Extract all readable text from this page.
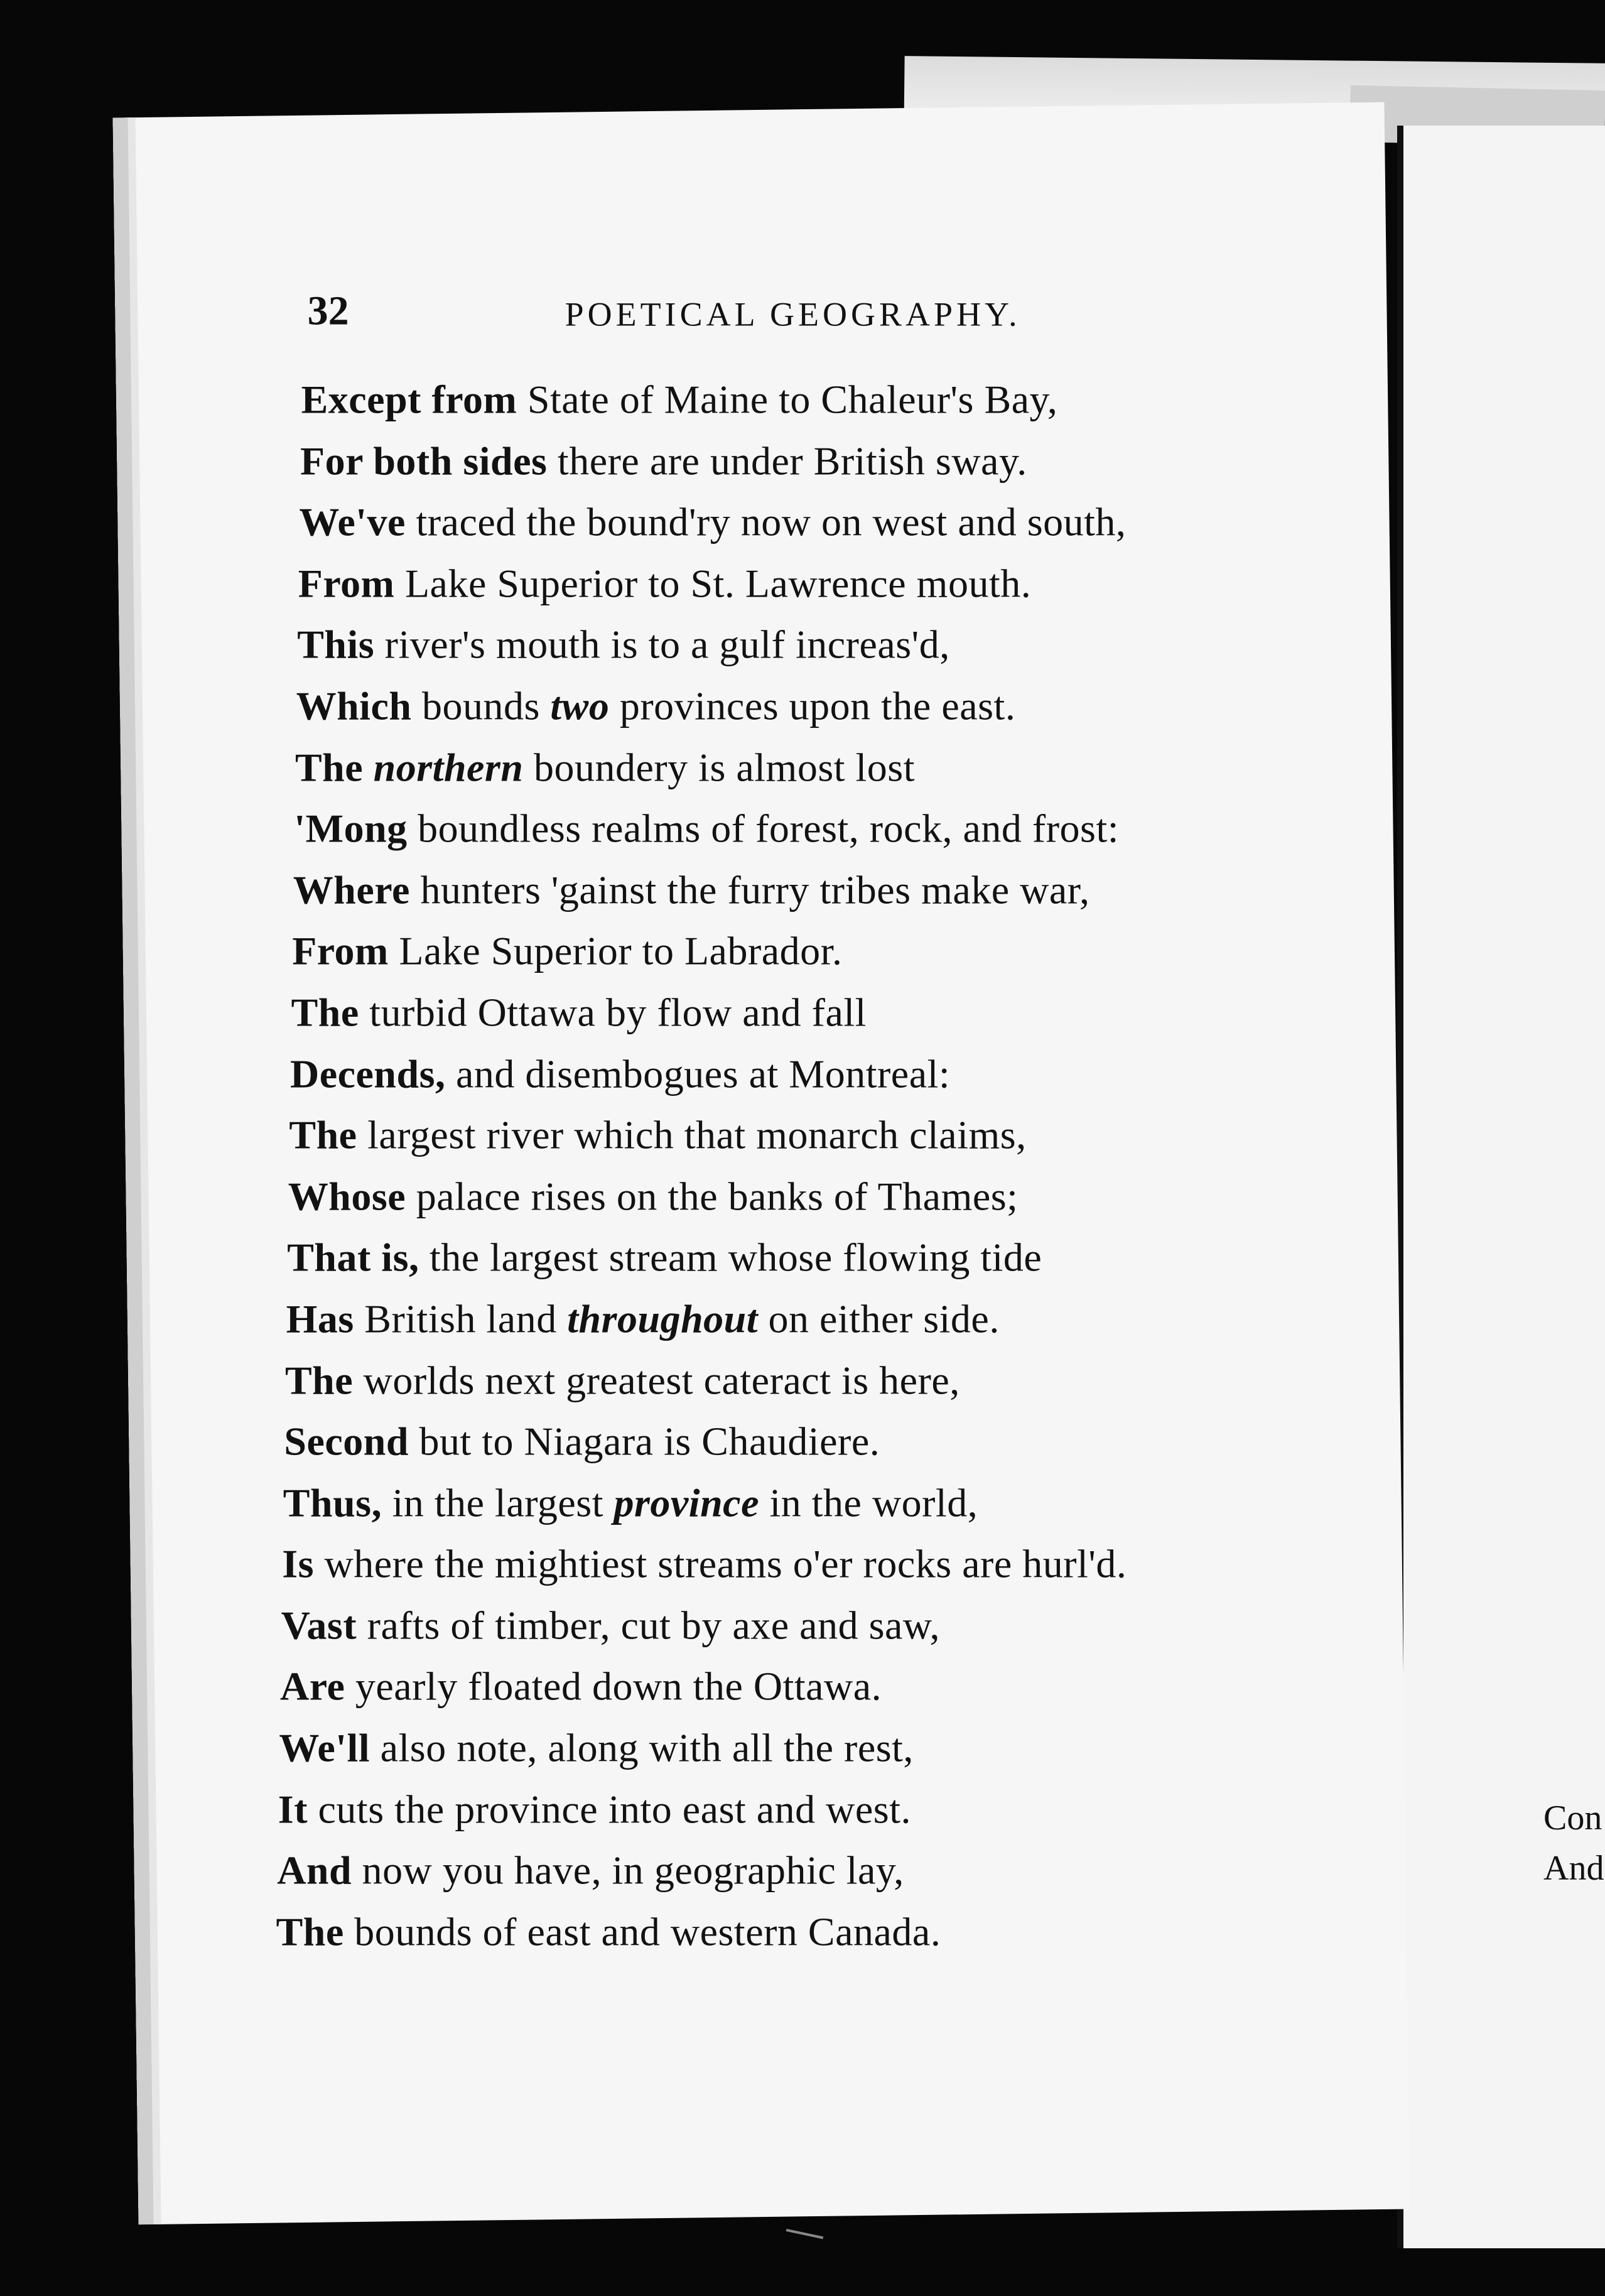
Con
And
32	POETICAL GEOGRAPHY.
Except from State of Maine to Chaleur's Bay,
For both sides there are under British sway.
We've traced the bound'ry now on west and south,
From Lake Superior to St. Lawrence mouth.
This river's mouth is to a gulf increas'd,
Which bounds two provinces upon the east.
The northern boundery is almost lost
'Mong boundless realms of forest, rock, and frost:
Where hunters 'gainst the furry tribes make war,
From Lake Superior to Labrador.
The turbid Ottawa by flow and fall
Decends, and disembogues at Montreal:
The largest river which that monarch claims,
Whose palace rises on the banks of Thames;
That is, the largest stream whose flowing tide
Has British land throughout on either side.
The worlds next greatest cateract is here,
Second but to Niagara is Chaudiere.
Thus, in the largest province in the world,
Is where the mightiest streams o'er rocks are hurl'd.
Vast rafts of timber, cut by axe and saw,
Are yearly floated down the Ottawa.
We'll also note, along with all the rest,
It cuts the province into east and west.
And now you have, in geographic lay,
The bounds of east and western Canada.
